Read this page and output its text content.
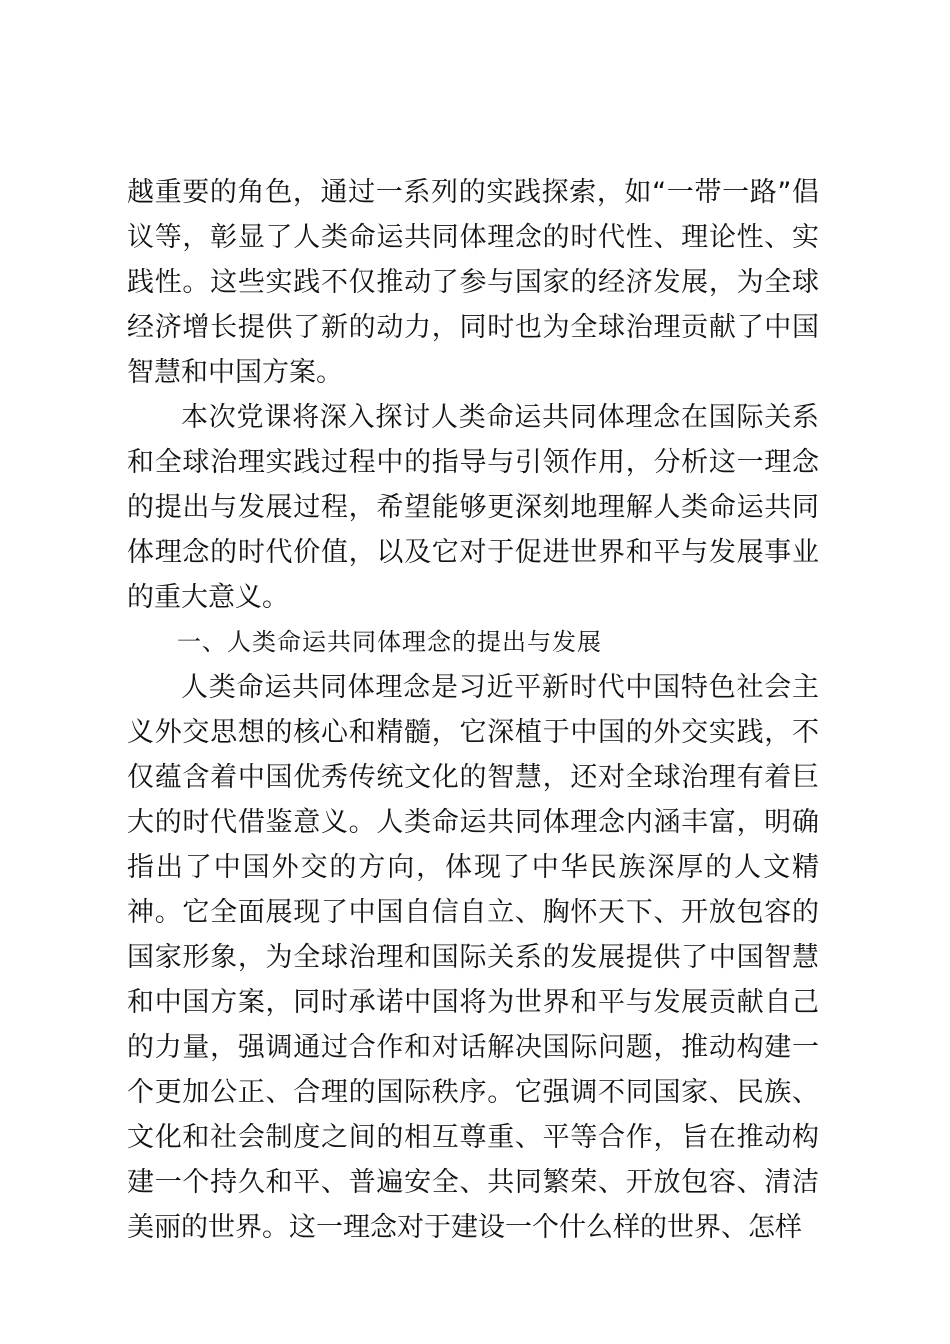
越重要的角色，通过一系列的实践探索，如“一带一路”倡议等，彰显了人类命运共同体理念的时代性、理论性、实践性。这些实践不仅推动了参与国家的经济发展，为全球经济增长提供了新的动力，同时也为全球治理贡献了中国智慧和中国方案。

本次党课将深入探讨人类命运共同体理念在国际关系和全球治理实践过程中的指导与引领作用，分析这一理念的提出与发展过程，希望能够更深刻地理解人类命运共同体理念的时代价值，以及它对于促进世界和平与发展事业的重大意义。

一、人类命运共同体理念的提出与发展

人类命运共同体理念是习近平新时代中国特色社会主义外交思想的核心和精髓，它深植于中国的外交实践，不仅蕴含着中国优秀传统文化的智慧，还对全球治理有着巨大的时代借鉴意义。人类命运共同体理念内涵丰富，明确指出了中国外交的方向，体现了中华民族深厚的人文精神。它全面展现了中国自信自立、胸怀天下、开放包容的国家形象，为全球治理和国际关系的发展提供了中国智慧和中国方案，同时承诺中国将为世界和平与发展贡献自己的力量，强调通过合作和对话解决国际问题，推动构建一个更加公正、合理的国际秩序。它强调不同国家、民族、文化和社会制度之间的相互尊重、平等合作，旨在推动构建一个持久和平、普遍安全、共同繁荣、开放包容、清洁美丽的世界。这一理念对于建设一个什么样的世界、怎样
